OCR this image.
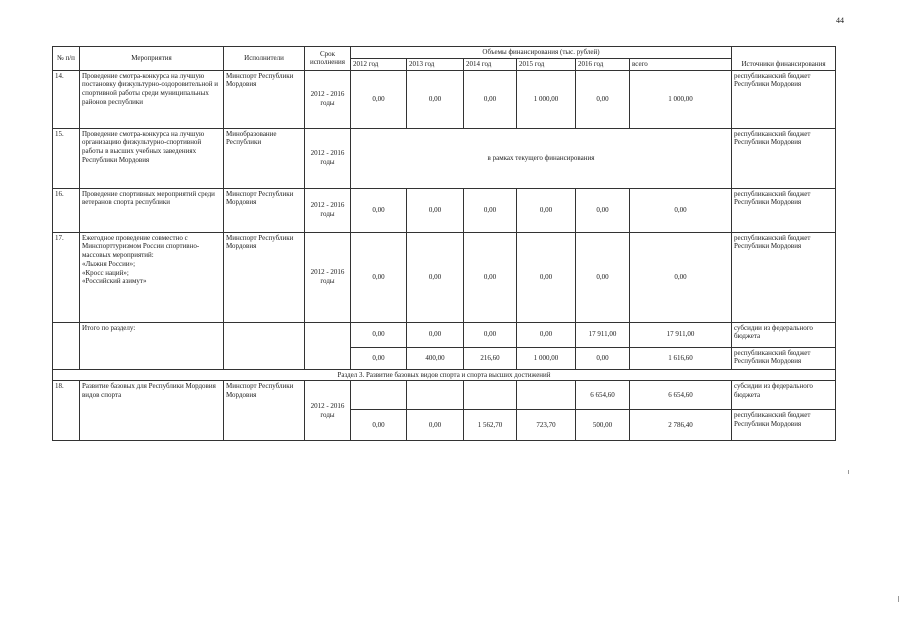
44
№ п/п	Мероприятия	Исполнители	Срок исполнения	Объемы финансирования (тыс. рублей)						Источники финансирования
				2012 год	2013 год	2014 год	2015 год	2016 год	всего	
14.	Проведение смотра-конкурса на лучшую постановку физкультурно-оздоровительной и спортивной работы среди муниципальных районов республики	Минспорт Республики Мордовия	2012 - 2016 годы	0,00	0,00	0,00	1 000,00	0,00	1 000,00	республиканский бюджет Республики Мордовия
15.	Проведение смотра-конкурса на лучшую организацию физкультурно-спортивной работы в высших учебных заведениях Республики Мордовия	Минобразование Республики	2012 - 2016 годы	в рамках текущего финансирования						республиканский бюджет Республики Мордовия
16.	Проведение спортивных мероприятий среди ветеранов спорта республики	Минспорт Республики Мордовия	2012 - 2016 годы	0,00	0,00	0,00	0,00	0,00	0,00	республиканский бюджет Республики Мордовия
17.	Ежегодное проведение совместно с Минспорттуризмом России спортивно-массовых мероприятий:
«Лыжня России»;
«Кросс наций»;
«Российский азимут»	Минспорт Республики Мордовия	2012 - 2016 годы	0,00	0,00	0,00	0,00	0,00	0,00	республиканский бюджет Республики Мордовия
	Итого по разделу:			0,00	0,00	0,00	0,00	17 911,00	17 911,00	субсидии из федерального бюджета
				0,00	400,00	216,60	1 000,00	0,00	1 616,60	республиканский бюджет Республики Мордовия
Раздел 3. Развитие базовых видов спорта и спорта высших достижений										
18.	Развитие базовых для Республики Мордовия видов спорта	Минспорт Республики Мордовия	2012 - 2016 годы					6 654,60	6 654,60	субсидии из федерального бюджета
				0,00	0,00	1 562,70	723,70	500,00	2 786,40	республиканский бюджет Республики Мордовия
